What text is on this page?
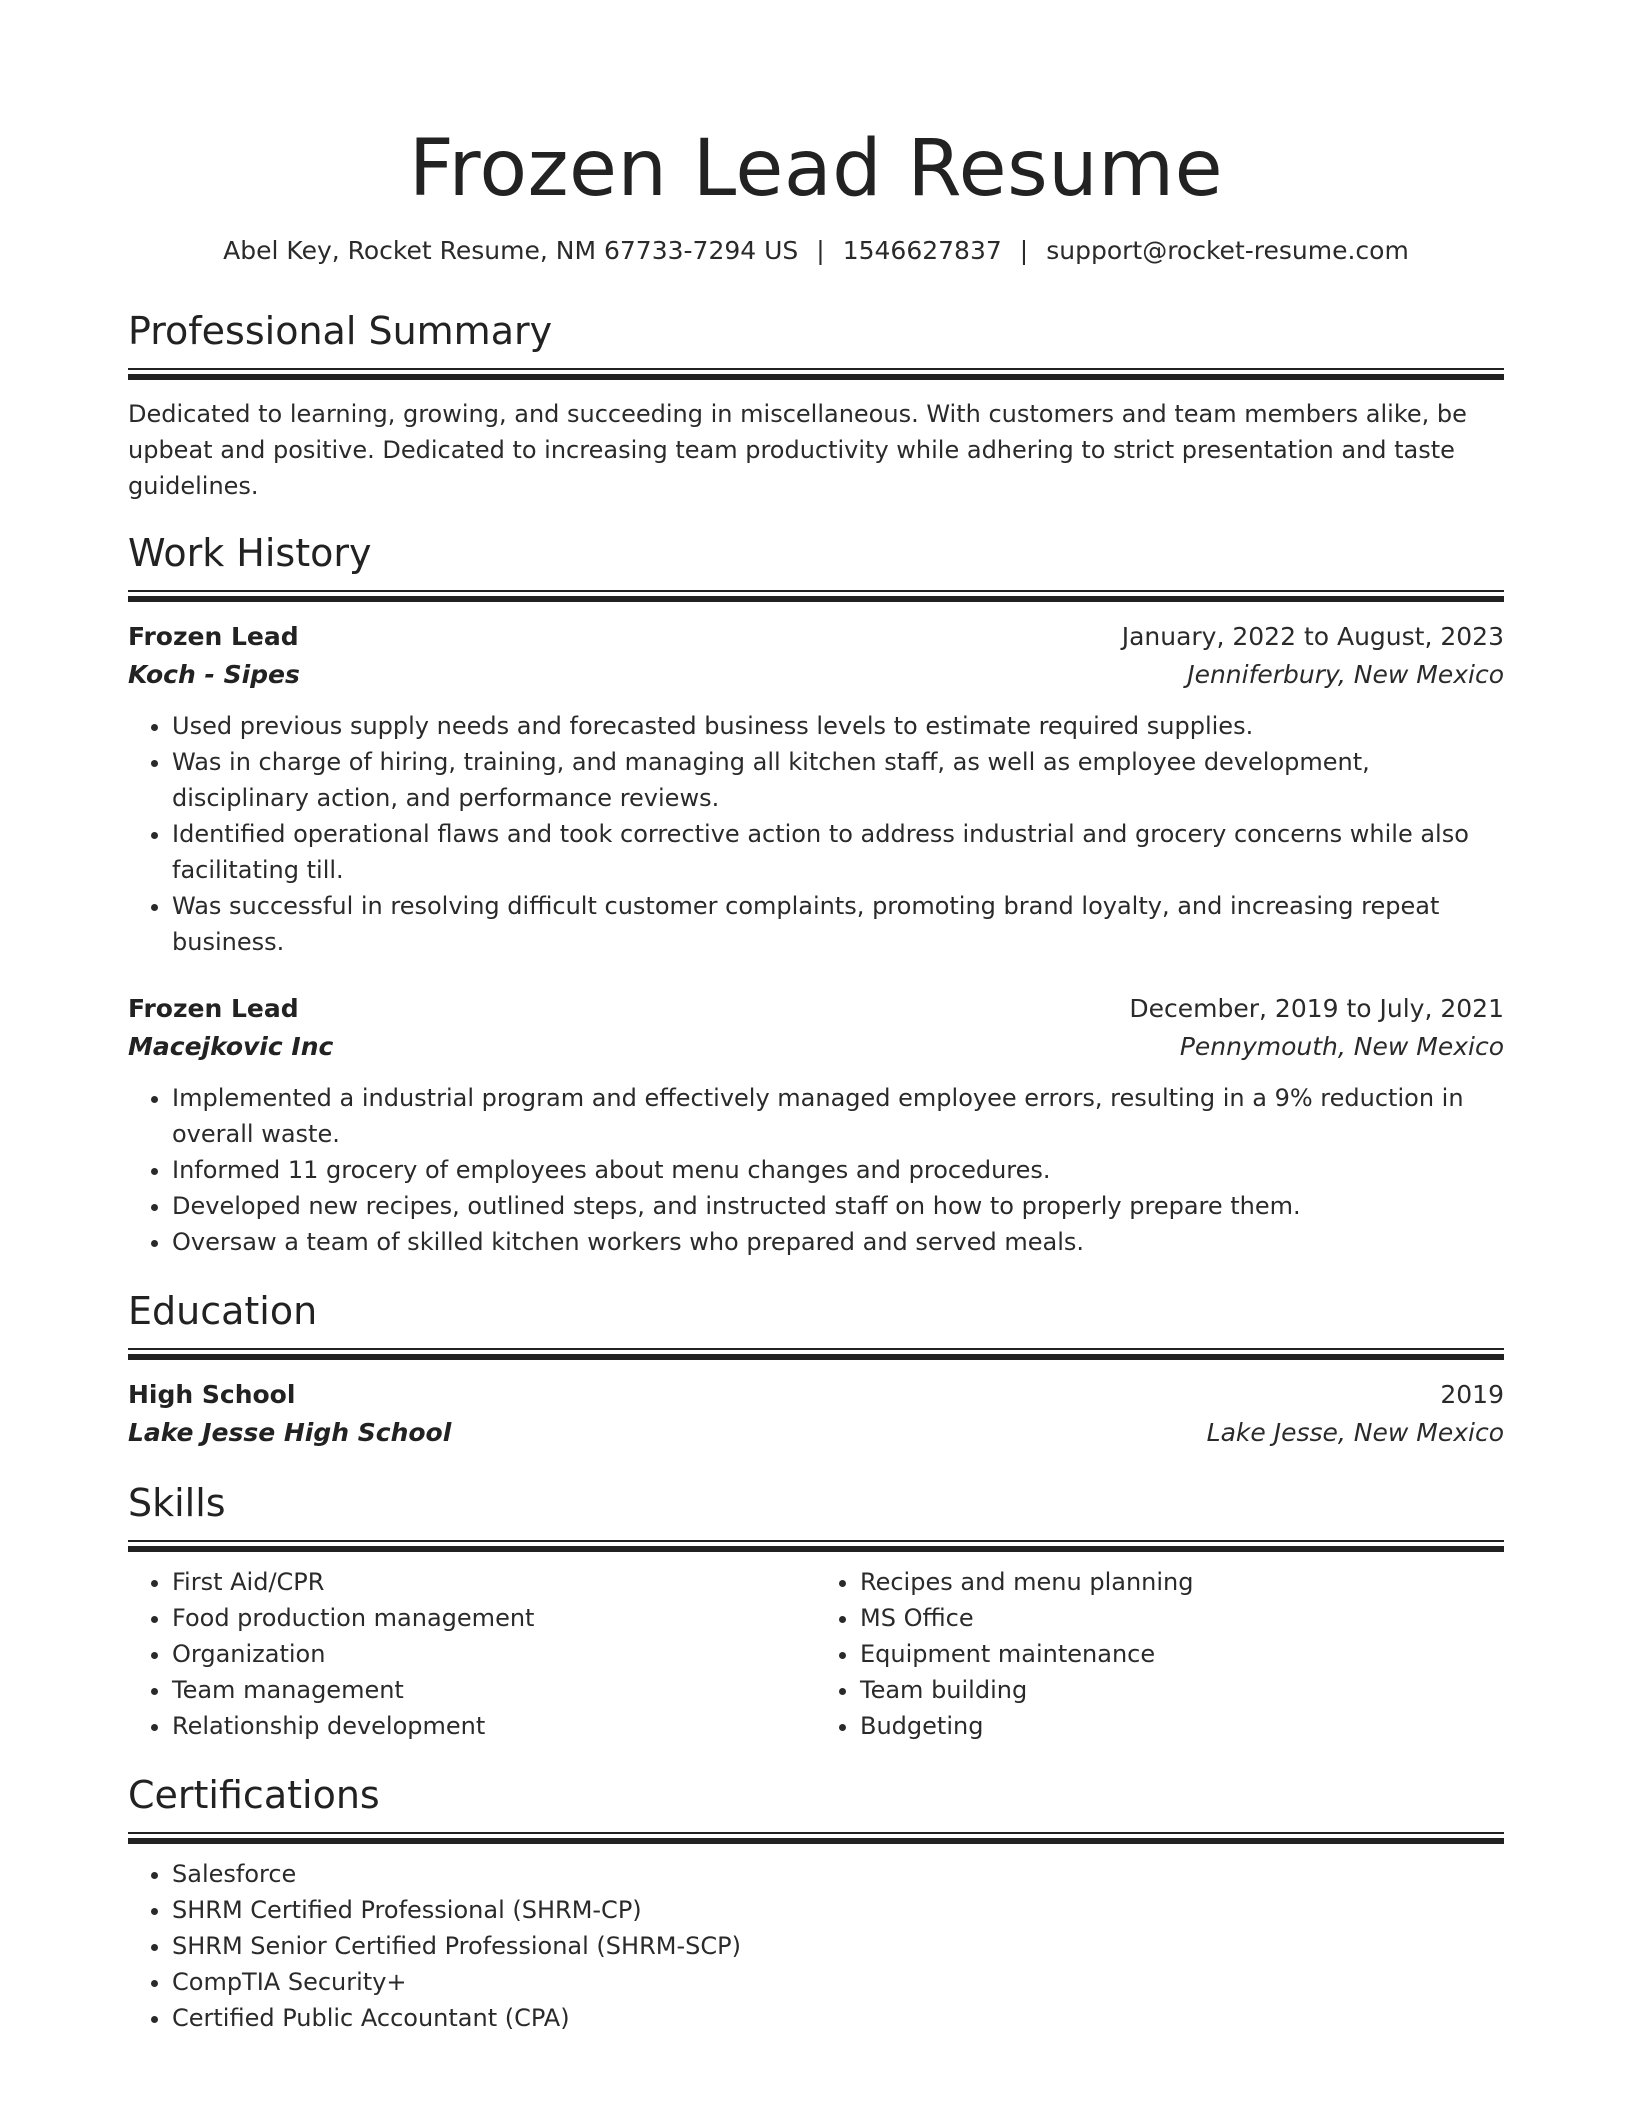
Frozen Lead Resume
Abel Key, Rocket Resume, NM 67733-7294 US | 1546627837 | support@rocket-resume.com
Professional Summary

Dedicated to learning, growing, and succeeding in miscellaneous. With customers and team members alike, be upbeat and positive. Dedicated to increasing team productivity while adhering to strict presentation and taste guidelines.

Work History
Frozen Lead	January, 2022 to August, 2023
Koch - Sipes	Jenniferbury, New Mexico
• Used previous supply needs and forecasted business levels to estimate required supplies.
• Was in charge of hiring, training, and managing all kitchen staff, as well as employee development, disciplinary action, and performance reviews.
• Identified operational flaws and took corrective action to address industrial and grocery concerns while also facilitating till.
• Was successful in resolving difficult customer complaints, promoting brand loyalty, and increasing repeat business.
Frozen Lead	December, 2019 to July, 2021
Macejkovic Inc	Pennymouth, New Mexico
• Implemented a industrial program and effectively managed employee errors, resulting in a 9% reduction in overall waste.
• Informed 11 grocery of employees about menu changes and procedures.
• Developed new recipes, outlined steps, and instructed staff on how to properly prepare them.
• Oversaw a team of skilled kitchen workers who prepared and served meals.
Education
High School	2019
Lake Jesse High School	Lake Jesse, New Mexico
Skills
• First Aid/CPR
• Food production management
• Organization
• Team management
• Relationship development
• Recipes and menu planning
• MS Office
• Equipment maintenance
• Team building
• Budgeting
Certifications
• Salesforce
• SHRM Certified Professional (SHRM-CP)
• SHRM Senior Certified Professional (SHRM-SCP)
• CompTIA Security+
• Certified Public Accountant (CPA)
